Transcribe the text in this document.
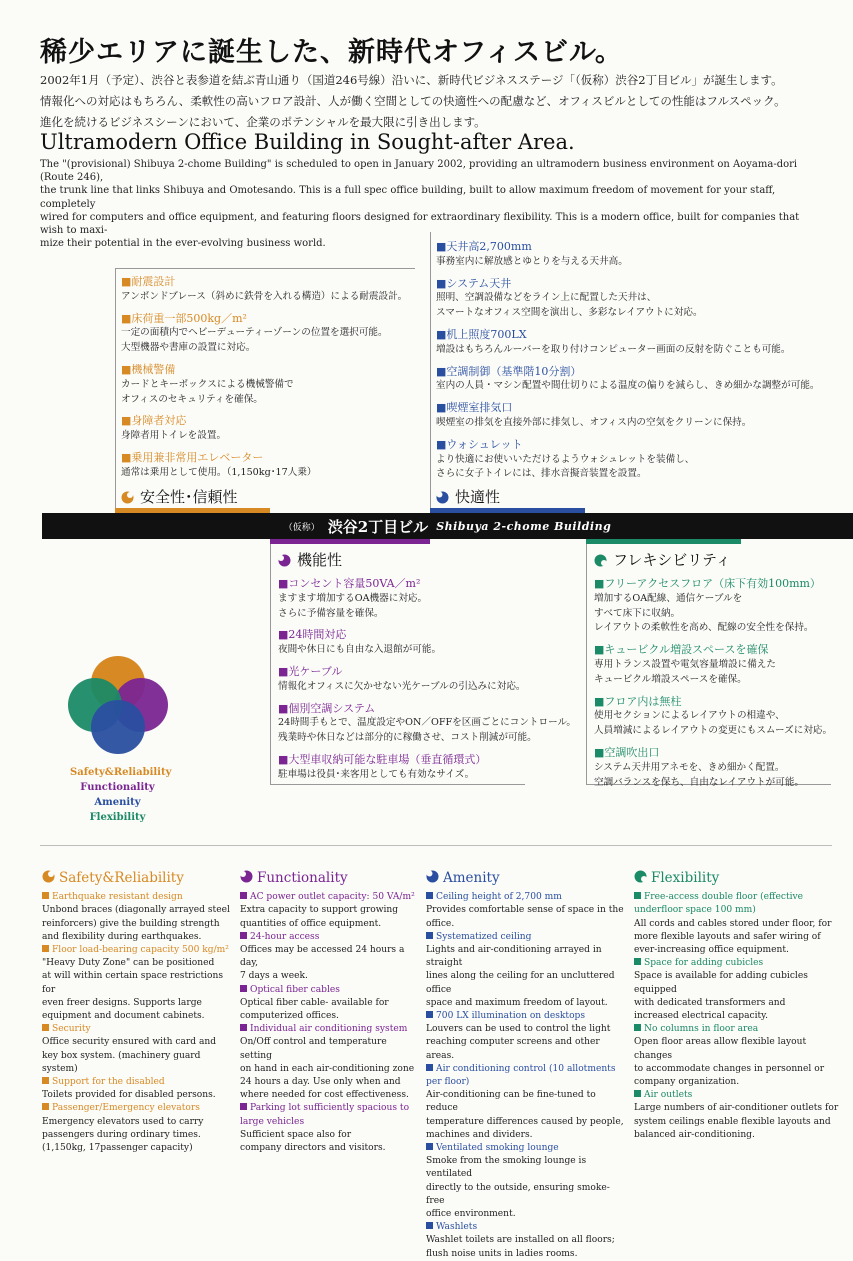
稀少エリアに誕生した、新時代オフィスビル。
2002年1月（予定）、渋谷と表参道を結ぶ青山通り（国道246号線）沿いに、新時代ビジネスステージ「（仮称）渋谷2丁目ビル」が誕生します。
情報化への対応はもちろん、柔軟性の高いフロア設計、人が働く空間としての快適性への配慮など、オフィスビルとしての性能はフルスペック。
進化を続けるビジネスシーンにおいて、企業のポテンシャルを最大限に引き出します。
Ultramodern Office Building in Sought-after Area.
The "(provisional) Shibuya 2-chome Building" is scheduled to open in January 2002, providing an ultramodern business environment on Aoyama-dori (Route 246),
the trunk line that links Shibuya and Omotesando. This is a full spec office building, built to allow maximum freedom of movement for your staff, completely
wired for computers and office equipment, and featuring floors designed for extraordinary flexibility. This is a modern office, built for companies that wish to maxi-
mize their potential in the ever-evolving business world.
■耐震設計
アンボンドブレース（斜めに鉄骨を入れる構造）による耐震設計。
■床荷重一部500kg／m²
一定の面積内でヘビーデューティーゾーンの位置を選択可能。
大型機器や書庫の設置に対応。
■機械警備
カードとキーボックスによる機械警備で
オフィスのセキュリティを確保。
■身障者対応
身障者用トイレを設置。
■乗用兼非常用エレベーター
通常は乗用として使用。（1,150kg･17人乗）
安全性･信頼性
■天井高2,700mm
事務室内に解放感とゆとりを与える天井高。
■システム天井
照明、空調設備などをライン上に配置した天井は、
スマートなオフィス空間を演出し、多彩なレイアウトに対応。
■机上照度700LX
増設はもちろんルーバーを取り付けコンピューター画面の反射を防ぐことも可能。
■空調制御（基準階10分割）
室内の人員・マシン配置や間仕切りによる温度の偏りを減らし、きめ細かな調整が可能。
■喫煙室排気口
喫煙室の排気を直接外部に排気し、オフィス内の空気をクリーンに保持。
■ウォシュレット
より快適にお使いいただけるようウォシュレットを装備し、
さらに女子トイレには、排水音擬音装置を設置。
快適性
（仮称） 渋谷2丁目ビル Shibuya 2-chome Building
機能性
■コンセント容量50VA／m²
ますます増加するOA機器に対応。
さらに予備容量を確保。
■24時間対応
夜間や休日にも自由な入退館が可能。
■光ケーブル
情報化オフィスに欠かせない光ケーブルの引込みに対応。
■個別空調システム
24時間手もとで、温度設定やON／OFFを区画ごとにコントロール。
残業時や休日などは部分的に稼働させ、コスト削減が可能。
■大型車収納可能な駐車場（垂直循環式）
駐車場は役員･来客用としても有効なサイズ。
フレキシビリティ
■フリーアクセスフロア（床下有効100mm）
増加するOA配線、通信ケーブルを
すべて床下に収納。
レイアウトの柔軟性を高め、配線の安全性を保持。
■キュービクル増設スペースを確保
専用トランス設置や電気容量増設に備えた
キュービクル増設スペースを確保。
■フロア内は無柱
使用セクションによるレイアウトの相違や、
人員増減によるレイアウトの変更にもスムーズに対応。
■空調吹出口
システム天井用アネモを、きめ細かく配置。
空調バランスを保ち、自由なレイアウトが可能。
Safety&Reliability
Functionality
Amenity
Flexibility
Safety&Reliability
Earthquake resistant design
Unbond braces (diagonally arrayed steel
reinforcers) give the building strength
and flexibility during earthquakes.
Floor load-bearing capacity 500 kg/m²
"Heavy Duty Zone" can be positioned
at will within certain space restrictions for
even freer designs. Supports large
equipment and document cabinets.
Security
Office security ensured with card and
key box system. (machinery guard system)
Support for the disabled
Toilets provided for disabled persons.
Passenger/Emergency elevators
Emergency elevators used to carry
passengers during ordinary times.
(1,150kg, 17passenger capacity)
Functionality
AC power outlet capacity: 50 VA/m²
Extra capacity to support growing
quantities of office equipment.
24-hour access
Offices may be accessed 24 hours a day,
7 days a week.
Optical fiber cables
Optical fiber cable- available for
computerized offices.
Individual air conditioning system
On/Off control and temperature setting
on hand in each air-conditioning zone
24 hours a day. Use only when and
where needed for cost effectiveness.
Parking lot sufficiently spacious to large vehicles
Sufficient space also for
company directors and visitors.
Amenity
Ceiling height of 2,700 mm
Provides comfortable sense of space in the office.
Systematized ceiling
Lights and air-conditioning arrayed in straight
lines along the ceiling for an uncluttered office
space and maximum freedom of layout.
700 LX illumination on desktops
Louvers can be used to control the light
reaching computer screens and other areas.
Air conditioning control (10 allotments per floor)
Air-conditioning can be fine-tuned to reduce
temperature differences caused by people,
machines and dividers.
Ventilated smoking lounge
Smoke from the smoking lounge is ventilated
directly to the outside, ensuring smoke-free
office environment.
Washlets
Washlet toilets are installed on all floors;
flush noise units in ladies rooms.
Flexibility
Free-access double floor (effective underfloor space 100 mm)
All cords and cables stored under floor, for
more flexible layouts and safer wiring of
ever-increasing office equipment.
Space for adding cubicles
Space is available for adding cubicles equipped
with dedicated transformers and
increased electrical capacity.
No columns in floor area
Open floor areas allow flexible layout changes
to accommodate changes in personnel or
company organization.
Air outlets
Large numbers of air-conditioner outlets for
system ceilings enable flexible layouts and
balanced air-conditioning.
